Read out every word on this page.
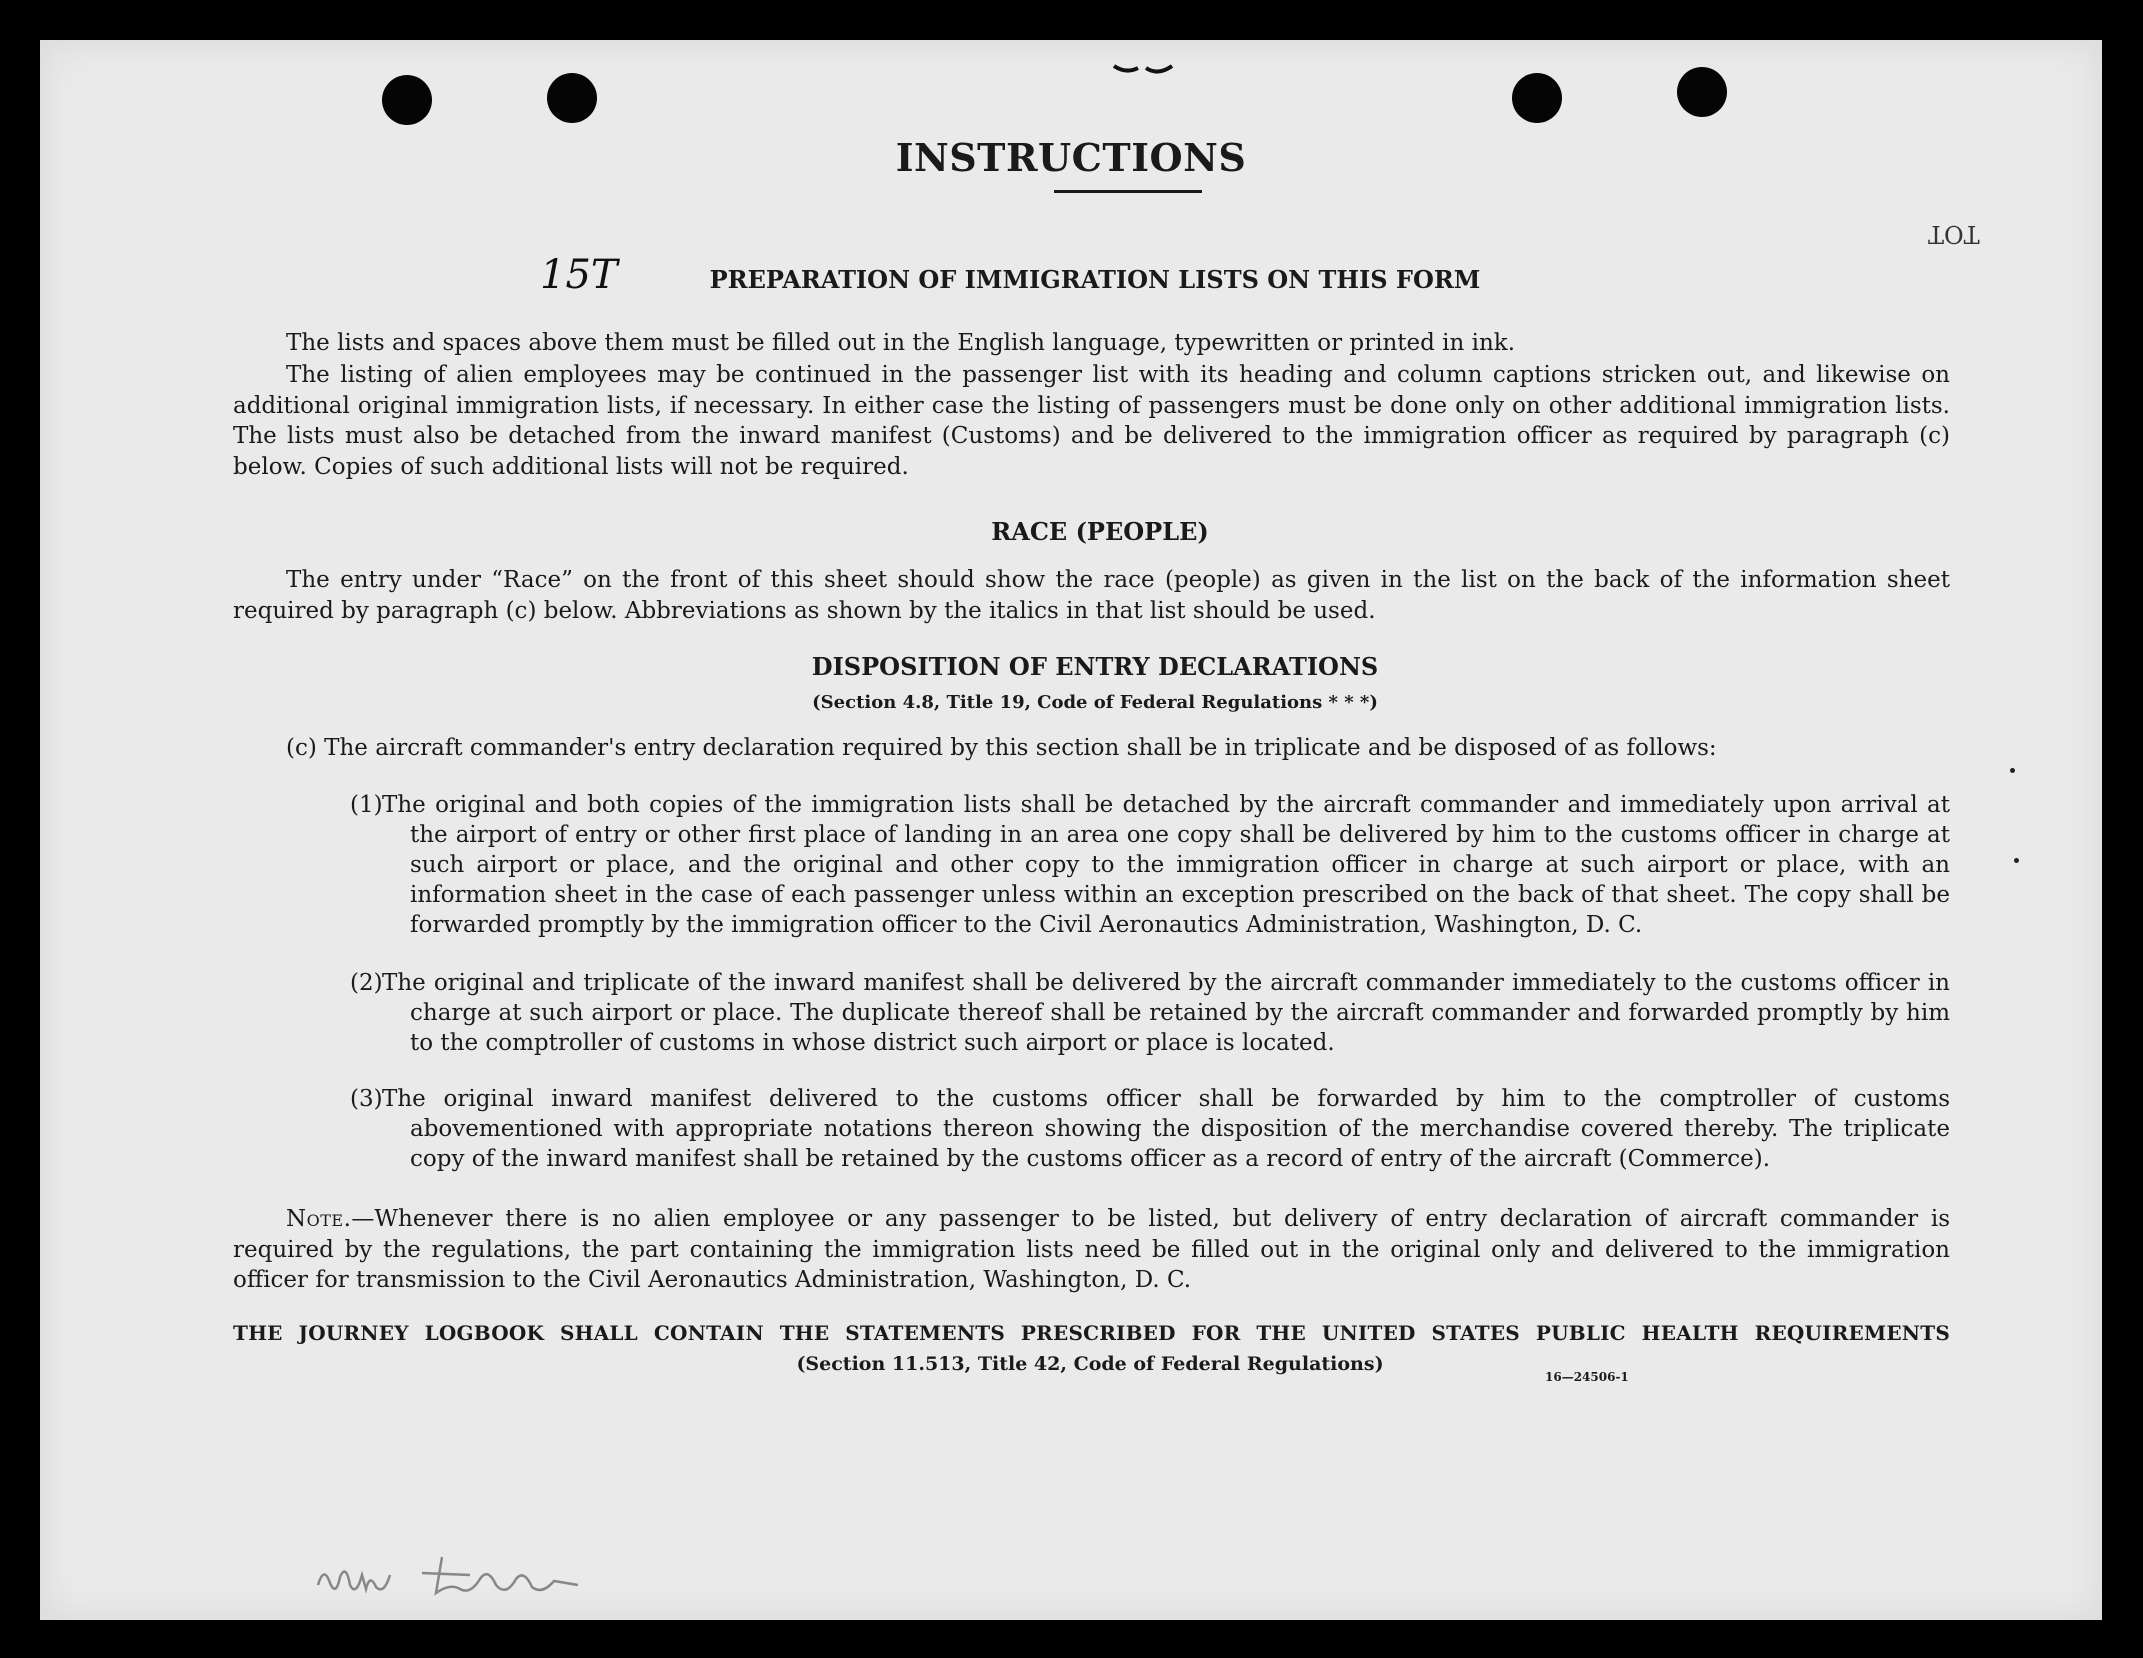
INSTRUCTIONS
15T
TOT
PREPARATION OF IMMIGRATION LISTS ON THIS FORM
The lists and spaces above them must be filled out in the English language, typewritten or printed in ink.
The listing of alien employees may be continued in the passenger list with its heading and column captions stricken out, and likewise on additional original immigration lists, if necessary. In either case the listing of passengers must be done only on other additional immigration lists. The lists must also be detached from the inward manifest (Customs) and be delivered to the immigration officer as required by paragraph (c) below. Copies of such additional lists will not be required.
RACE (PEOPLE)
The entry under “Race” on the front of this sheet should show the race (people) as given in the list on the back of the information sheet required by paragraph (c) below. Abbreviations as shown by the italics in that list should be used.
DISPOSITION OF ENTRY DECLARATIONS
(Section 4.8, Title 19, Code of Federal Regulations * * *)
(c) The aircraft commander's entry declaration required by this section shall be in triplicate and be disposed of as follows:
(1) The original and both copies of the immigration lists shall be detached by the aircraft commander and immediately upon arrival at the airport of entry or other first place of landing in an area one copy shall be delivered by him to the customs officer in charge at such airport or place, and the original and other copy to the immigration officer in charge at such airport or place, with an information sheet in the case of each passenger unless within an exception prescribed on the back of that sheet. The copy shall be forwarded promptly by the immigration officer to the Civil Aeronautics Administration, Washington, D. C.
(2) The original and triplicate of the inward manifest shall be delivered by the aircraft commander immediately to the customs officer in charge at such airport or place. The duplicate thereof shall be retained by the aircraft commander and forwarded promptly by him to the comptroller of customs in whose district such airport or place is located.
(3) The original inward manifest delivered to the customs officer shall be forwarded by him to the comptroller of customs abovementioned with appropriate notations thereon showing the disposition of the merchandise covered thereby. The triplicate copy of the inward manifest shall be retained by the customs officer as a record of entry of the aircraft (Commerce).
Note.—Whenever there is no alien employee or any passenger to be listed, but delivery of entry declaration of aircraft commander is required by the regulations, the part containing the immigration lists need be filled out in the original only and delivered to the immigration officer for transmission to the Civil Aeronautics Administration, Washington, D. C.
THE JOURNEY LOGBOOK SHALL CONTAIN THE STATEMENTS PRESCRIBED FOR THE UNITED STATES PUBLIC HEALTH REQUIREMENTS
(Section 11.513, Title 42, Code of Federal Regulations)
16—24506-1
